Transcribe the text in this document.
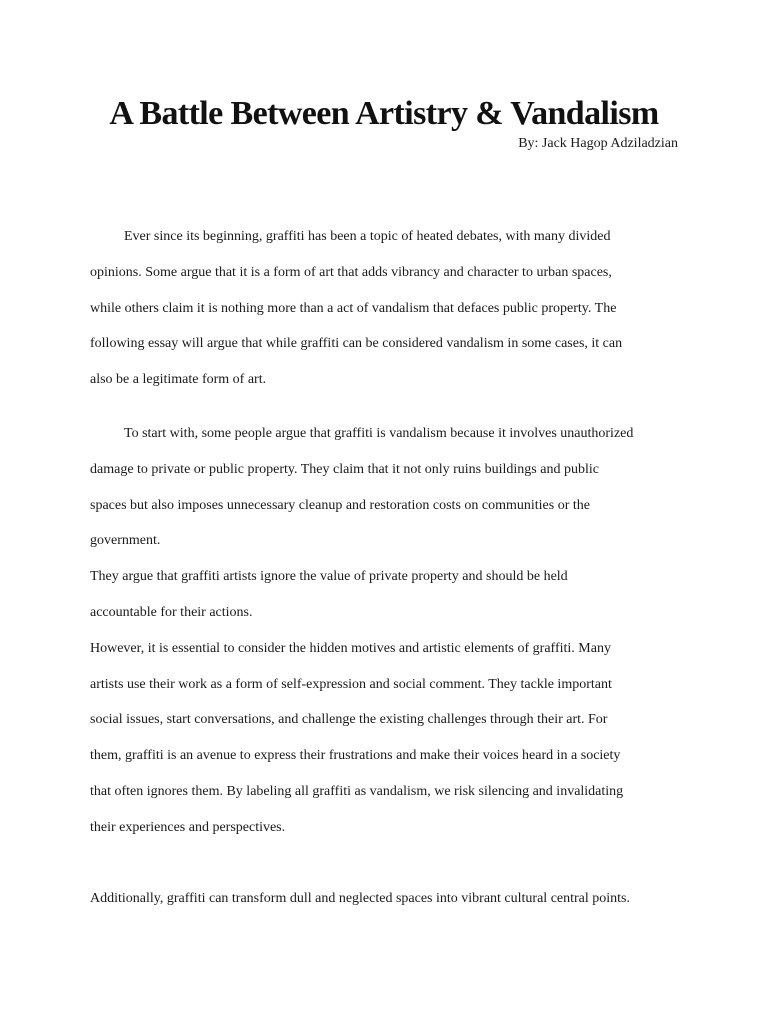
A Battle Between Artistry & Vandalism
By: Jack Hagop Adziladzian

Ever since its beginning, graffiti has been a topic of heated debates, with many divided

opinions. Some argue that it is a form of art that adds vibrancy and character to urban spaces,

while others claim it is nothing more than a act of vandalism that defaces public property. The

following essay will argue that while graffiti can be considered vandalism in some cases, it can

also be a legitimate form of art.

To start with, some people argue that graffiti is vandalism because it involves unauthorized

damage to private or public property. They claim that it not only ruins buildings and public

spaces but also imposes unnecessary cleanup and restoration costs on communities or the

government.

They argue that graffiti artists ignore the value of private property and should be held

accountable for their actions.

However, it is essential to consider the hidden motives and artistic elements of graffiti. Many

artists use their work as a form of self-expression and social comment. They tackle important

social issues, start conversations, and challenge the existing challenges through their art. For

them, graffiti is an avenue to express their frustrations and make their voices heard in a society

that often ignores them. By labeling all graffiti as vandalism, we risk silencing and invalidating

their experiences and perspectives.

Additionally, graffiti can transform dull and neglected spaces into vibrant cultural central points.
